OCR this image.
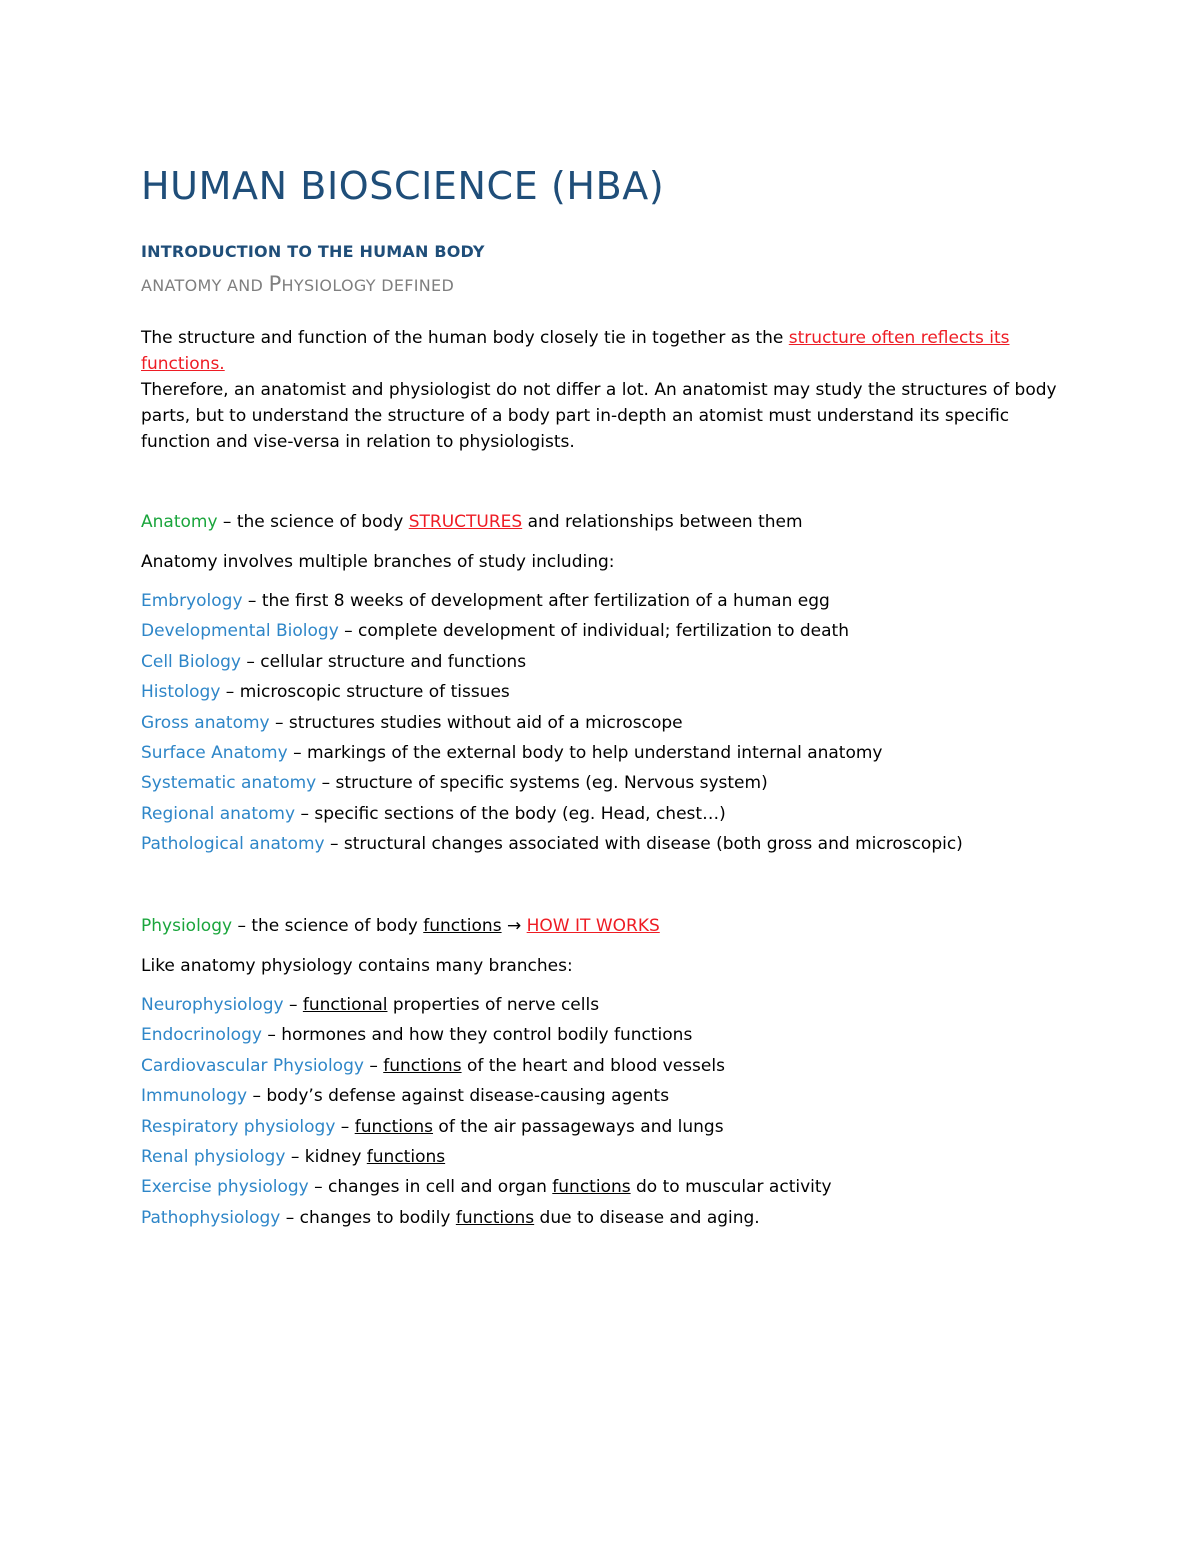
HUMAN BIOSCIENCE (HBA)
INTRODUCTION TO THE HUMAN BODY
ANATOMY AND PHYSIOLOGY DEFINED

The structure and function of the human body closely tie in together as the structure often reflects its functions.

Therefore, an anatomist and physiologist do not differ a lot. An anatomist may study the structures of body parts, but to understand the structure of a body part in-depth an atomist must understand its specific function and vise-versa in relation to physiologists.

Anatomy – the science of body STRUCTURES and relationships between them

Anatomy involves multiple branches of study including:

Embryology – the first 8 weeks of development after fertilization of a human egg
Developmental Biology – complete development of individual; fertilization to death
Cell Biology – cellular structure and functions
Histology – microscopic structure of tissues
Gross anatomy – structures studies without aid of a microscope
Surface Anatomy – markings of the external body to help understand internal anatomy
Systematic anatomy – structure of specific systems (eg. Nervous system)
Regional anatomy – specific sections of the body (eg. Head, chest…)
Pathological anatomy – structural changes associated with disease (both gross and microscopic)

Physiology – the science of body functions → HOW IT WORKS

Like anatomy physiology contains many branches:

Neurophysiology – functional properties of nerve cells
Endocrinology – hormones and how they control bodily functions
Cardiovascular Physiology – functions of the heart and blood vessels
Immunology – body’s defense against disease-causing agents
Respiratory physiology – functions of the air passageways and lungs
Renal physiology – kidney functions
Exercise physiology – changes in cell and organ functions do to muscular activity
Pathophysiology – changes to bodily functions due to disease and aging.
